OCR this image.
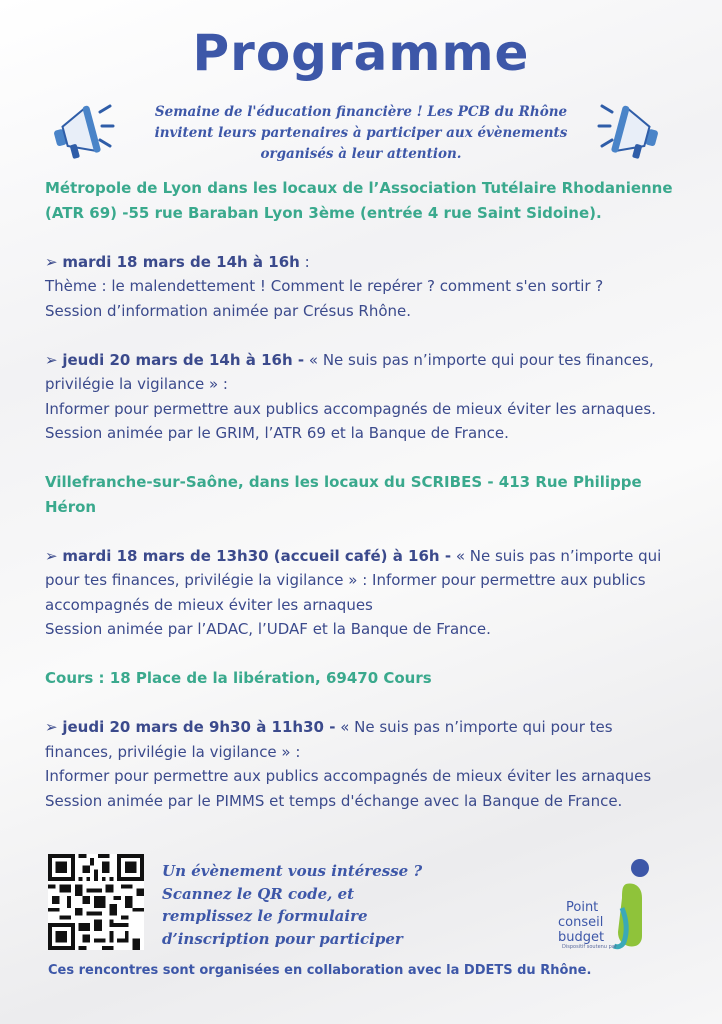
Programme

Semaine de l'éducation financière ! Les PCB du Rhône invitent leurs partenaires à participer aux évènements organisés à leur attention.

Métropole de Lyon dans les locaux de l’Association Tutélaire Rhodanienne (ATR 69) -55 rue Baraban Lyon 3ème (entrée 4 rue Saint Sidoine).

➢ mardi 18 mars de 14h à 16h :

Thème : le malendettement ! Comment le repérer ? comment s'en sortir ?

Session d’information animée par Crésus Rhône.

➢ jeudi 20 mars de 14h à 16h - « Ne suis pas n’importe qui pour tes finances, privilégie la vigilance » :

Informer pour permettre aux publics accompagnés de mieux éviter les arnaques.

Session animée par le GRIM, l’ATR 69 et la Banque de France.

Villefranche-sur-Saône, dans les locaux du SCRIBES - 413 Rue Philippe Héron

➢ mardi 18 mars de 13h30 (accueil café) à 16h - « Ne suis pas n’importe qui pour tes finances, privilégie la vigilance » : Informer pour permettre aux publics accompagnés de mieux éviter les arnaques

Session animée par l’ADAC, l’UDAF et la Banque de France.

Cours : 18 Place de la libération, 69470 Cours

➢ jeudi 20 mars de 9h30 à 11h30 - « Ne suis pas n’importe qui pour tes finances, privilégie la vigilance » :

Informer pour permettre aux publics accompagnés de mieux éviter les arnaques

Session animée par le PIMMS et temps d'échange avec la Banque de France.

Un évènement vous intéresse ?
Scannez le QR code, et
remplissez le formulaire
d’inscription pour participer

Point
conseil
budget
Dispositif soutenu par

Ces rencontres sont organisées en collaboration avec la DDETS du Rhône.
